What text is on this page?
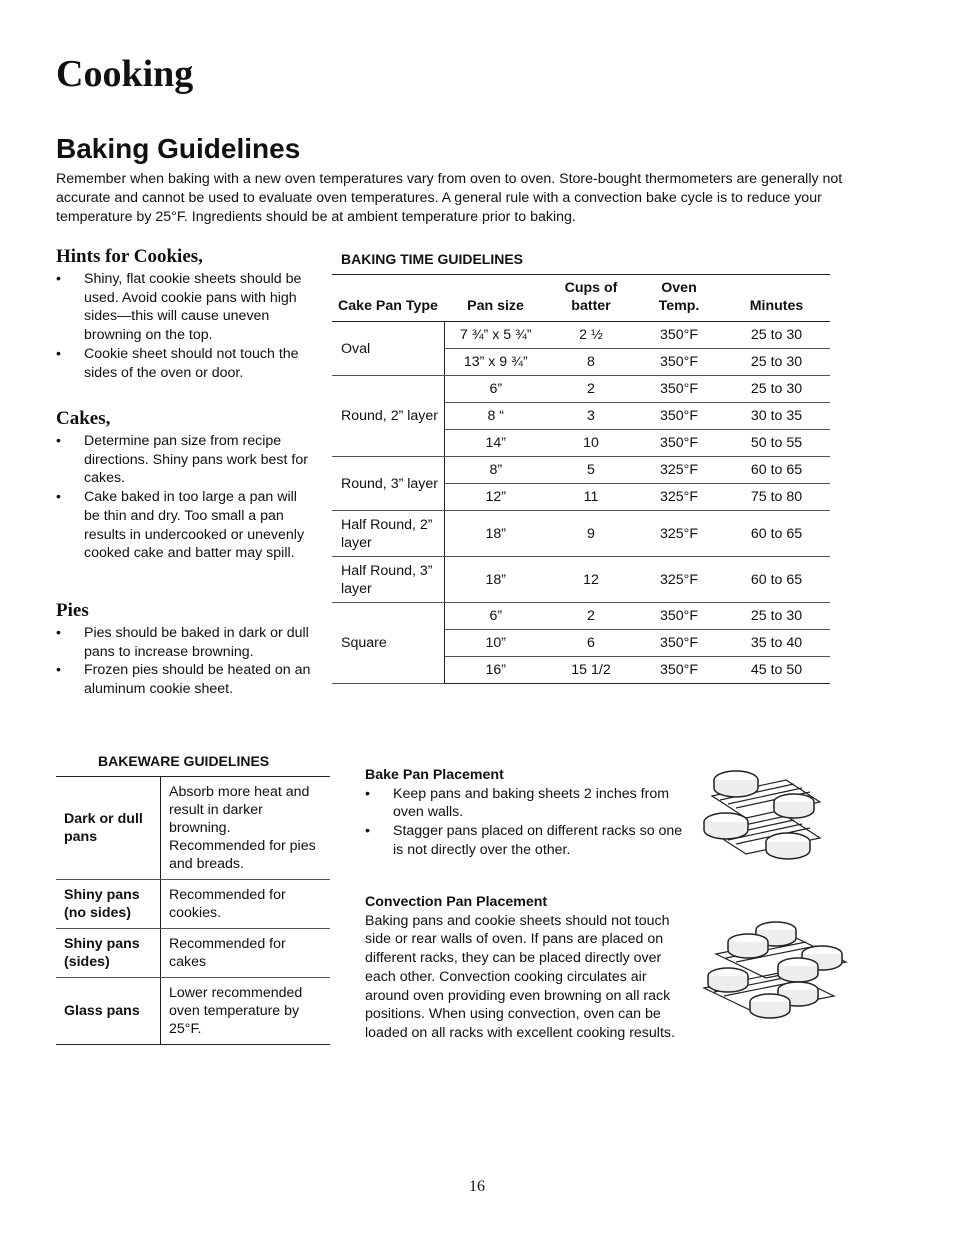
Cooking
Baking Guidelines

Remember when baking with a new oven temperatures vary from oven to oven. Store-bought thermometers are generally not accurate and cannot be used to evaluate oven temperatures. A general rule with a convection bake cycle is to reduce your temperature by 25°F. Ingredients should be at ambient temperature prior to baking.

Hints for Cookies,
• Shiny, flat cookie sheets should be used. Avoid cookie pans with high sides—this will cause uneven browning on the top.
• Cookie sheet should not touch the sides of the oven or door.
Cakes,
• Determine pan size from recipe directions. Shiny pans work best for cakes.
• Cake baked in too large a pan will be thin and dry. Too small a pan results in undercooked or unevenly cooked cake and batter may spill.
Pies
• Pies should be baked in dark or dull pans to increase browning.
• Frozen pies should be heated on an aluminum cookie sheet.
BAKING TIME GUIDELINES
Cake Pan Type	Pan size	Cups of batter	Oven Temp.	Minutes
Oval	7 ¾” x 5 ¾”	2 ½	350°F	25 to 30
	13” x 9 ¾”	8	350°F	25 to 30
Round, 2” layer	6”	2	350°F	25 to 30
	8 “	3	350°F	30 to 35
	14”	10	350°F	50 to 55
Round, 3” layer	8”	5	325°F	60 to 65
	12”	11	325°F	75 to 80
Half Round, 2” layer	18”	9	325°F	60 to 65
Half Round, 3” layer	18”	12	325°F	60 to 65
Square	6”	2	350°F	25 to 30
	10”	6	350°F	35 to 40
	16”	15 1/2	350°F	45 to 50
BAKEWARE GUIDELINES
Dark or dull pans	Absorb more heat and result in darker browning. Recommended for pies and breads.
Shiny pans (no sides)	Recommended for cookies.
Shiny pans (sides)	Recommended for cakes
Glass pans	Lower recommended oven temperature by 25°F.

Bake Pan Placement

• Keep pans and baking sheets 2 inches from oven walls.
• Stagger pans placed on different racks so one is not directly over the other.

Convection Pan Placement

Baking pans and cookie sheets should not touch side or rear walls of oven. If pans are placed on different racks, they can be placed directly over each other. Convection cooking circulates air around oven providing even browning on all rack positions. When using convection, oven can be loaded on all racks with excellent cooking results.

16
